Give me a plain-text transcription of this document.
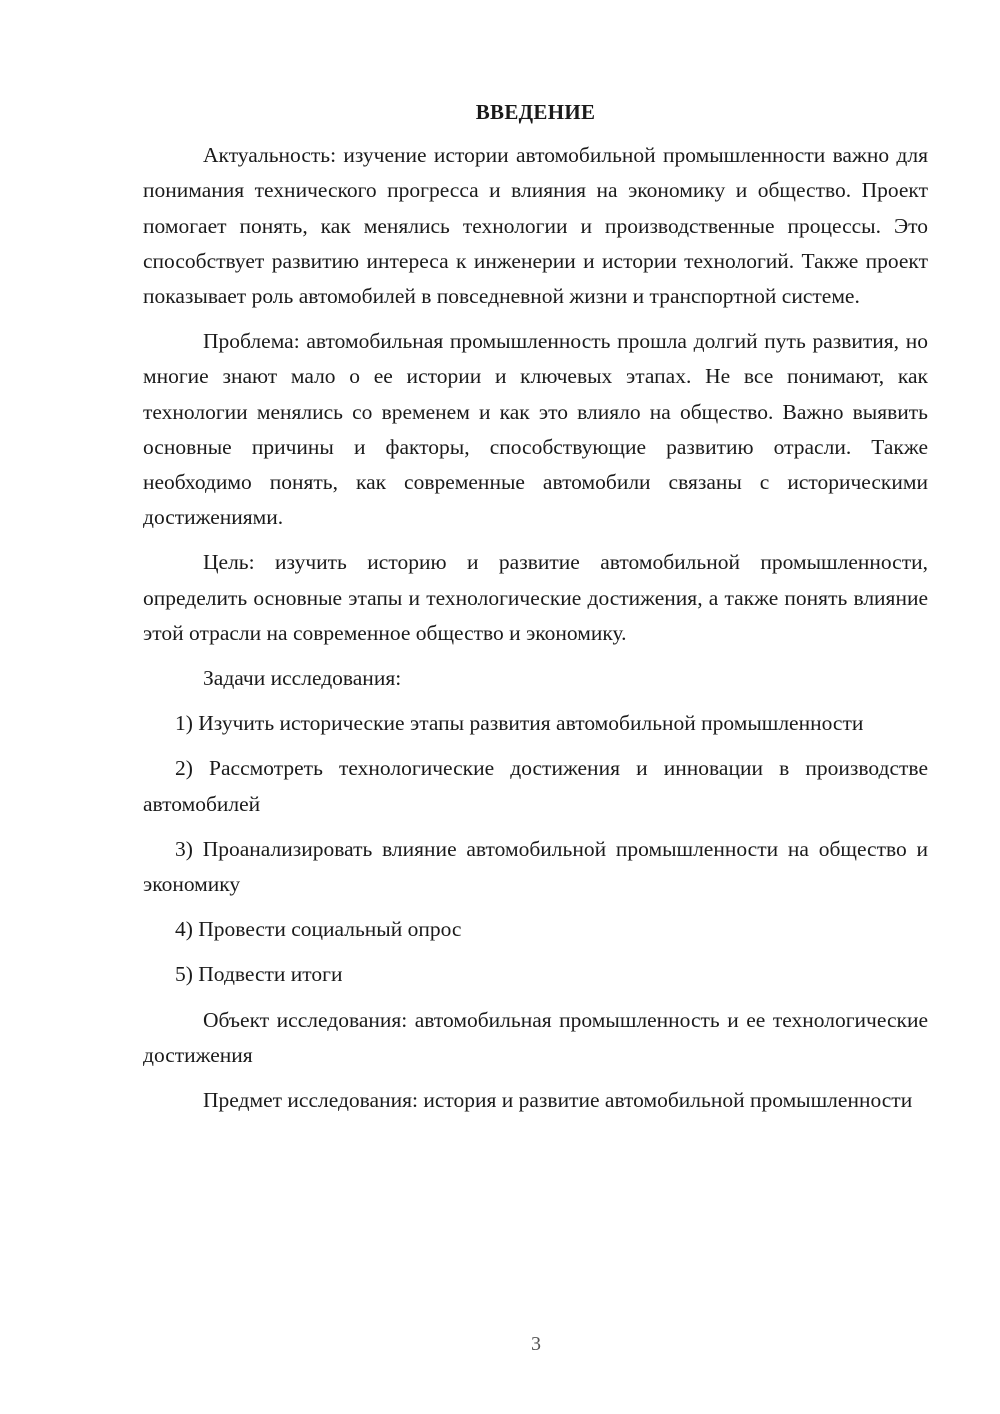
ВВЕДЕНИЕ

Актуальность: изучение истории автомобильной промышленности важно для понимания технического прогресса и влияния на экономику и общество. Проект помогает понять, как менялись технологии и производственные процессы. Это способствует развитию интереса к инженерии и истории технологий. Также проект показывает роль автомобилей в повседневной жизни и транспортной системе.

Проблема: автомобильная промышленность прошла долгий путь развития, но многие знают мало о ее истории и ключевых этапах. Не все понимают, как технологии менялись со временем и как это влияло на общество. Важно выявить основные причины и факторы, способствующие развитию отрасли. Также необходимо понять, как современные автомобили связаны с историческими достижениями.

Цель: изучить историю и развитие автомобильной промышленности, определить основные этапы и технологические достижения, а также понять влияние этой отрасли на современное общество и экономику.

Задачи исследования:

1) Изучить исторические этапы развития автомобильной промышленности

2) Рассмотреть технологические достижения и инновации в производстве автомобилей

3) Проанализировать влияние автомобильной промышленности на общество и экономику

4) Провести социальный опрос

5) Подвести итоги

Объект исследования: автомобильная промышленность и ее технологические достижения

Предмет исследования: история и развитие автомобильной промышленности

3
